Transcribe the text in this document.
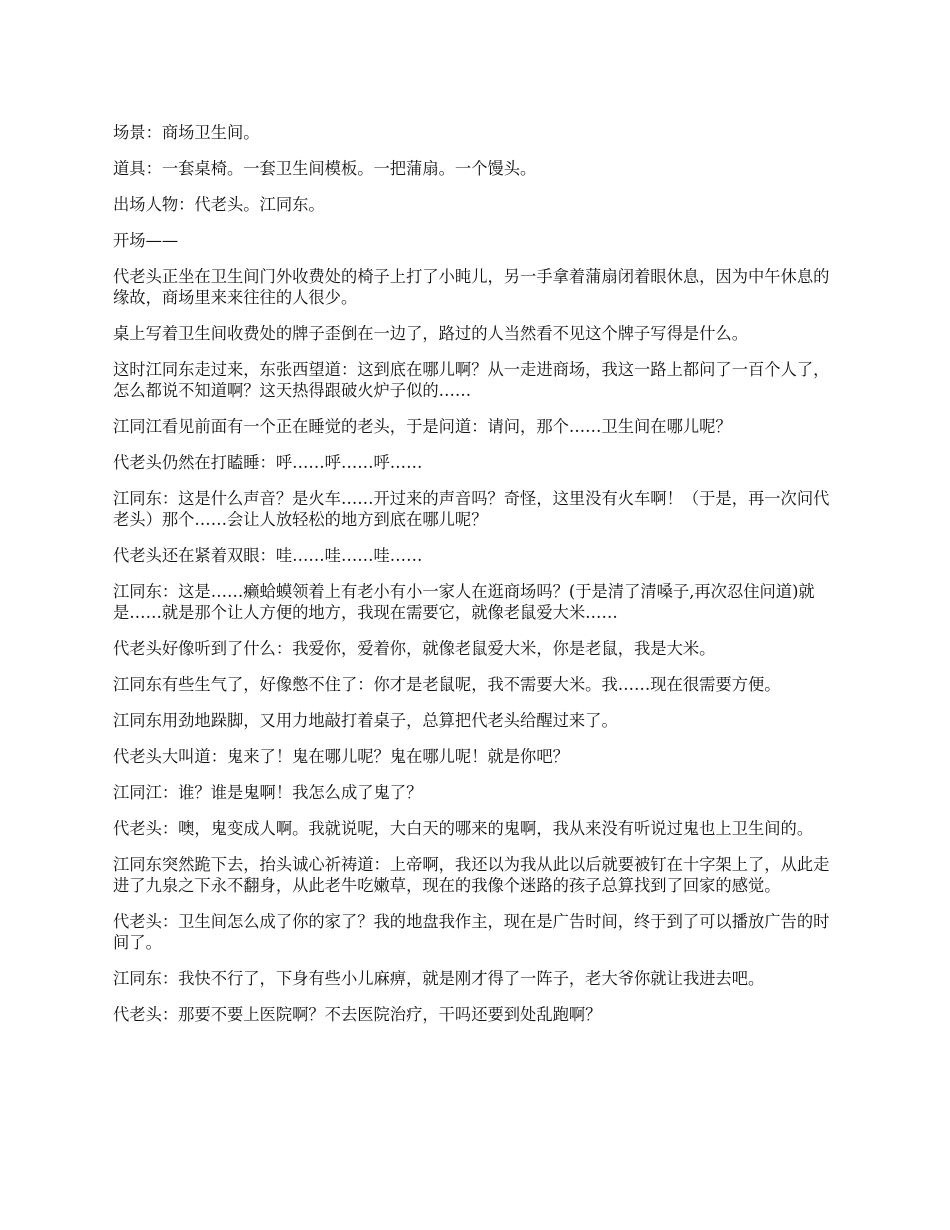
场景：商场卫生间。

道具：一套桌椅。一套卫生间模板。一把蒲扇。一个馒头。

出场人物：代老头。江同东。

开场——

代老头正坐在卫生间门外收费处的椅子上打了小盹儿，另一手拿着蒲扇闭着眼休息，因为中午休息的缘故，商场里来来往往的人很少。

桌上写着卫生间收费处的牌子歪倒在一边了，路过的人当然看不见这个牌子写得是什么。

这时江同东走过来，东张西望道：这到底在哪儿啊？从一走进商场，我这一路上都问了一百个人了，怎么都说不知道啊？这天热得跟破火炉子似的……

江同江看见前面有一个正在睡觉的老头，于是问道：请问，那个……卫生间在哪儿呢？

代老头仍然在打瞌睡：呼……呼……呼……

江同东：这是什么声音？是火车……开过来的声音吗？奇怪，这里没有火车啊！（于是，再一次问代老头）那个……会让人放轻松的地方到底在哪儿呢？

代老头还在紧着双眼：哇……哇……哇……

江同东：这是……癞蛤蟆领着上有老小有小一家人在逛商场吗？(于是清了清嗓子,再次忍住问道)就是……就是那个让人方便的地方，我现在需要它，就像老鼠爱大米……

代老头好像听到了什么：我爱你，爱着你，就像老鼠爱大米，你是老鼠，我是大米。

江同东有些生气了，好像憋不住了：你才是老鼠呢，我不需要大米。我……现在很需要方便。

江同东用劲地跺脚，又用力地敲打着桌子，总算把代老头给醒过来了。

代老头大叫道：鬼来了！鬼在哪儿呢？鬼在哪儿呢！就是你吧？

江同江：谁？谁是鬼啊！我怎么成了鬼了？

代老头：噢，鬼变成人啊。我就说呢，大白天的哪来的鬼啊，我从来没有听说过鬼也上卫生间的。

江同东突然跪下去，抬头诚心祈祷道：上帝啊，我还以为我从此以后就要被钉在十字架上了，从此走进了九泉之下永不翻身，从此老牛吃嫩草，现在的我像个迷路的孩子总算找到了回家的感觉。

代老头：卫生间怎么成了你的家了？我的地盘我作主，现在是广告时间，终于到了可以播放广告的时间了。

江同东：我快不行了，下身有些小儿麻痹，就是刚才得了一阵子，老大爷你就让我进去吧。

代老头：那要不要上医院啊？不去医院治疗，干吗还要到处乱跑啊？
